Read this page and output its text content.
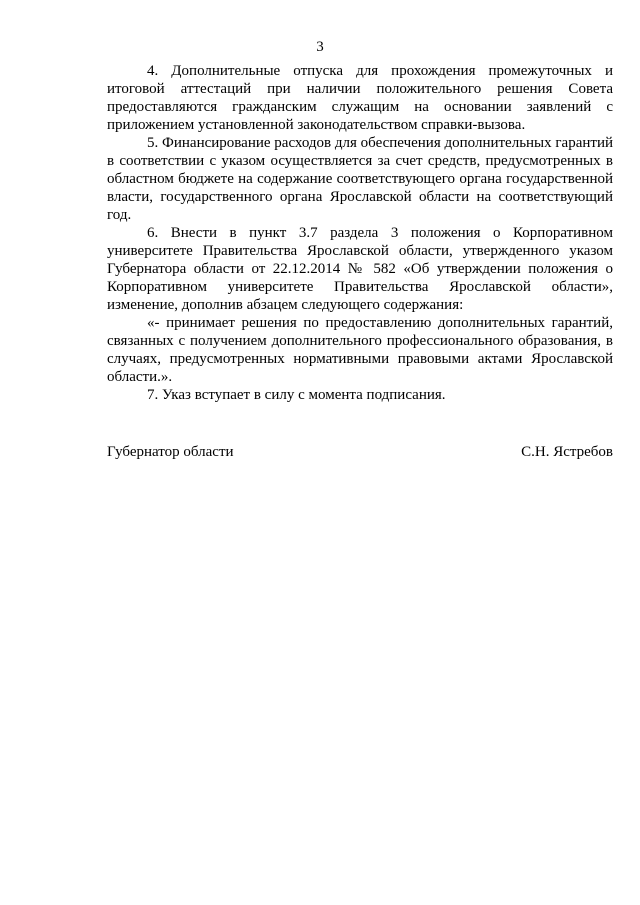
3

4. Дополнительные отпуска для прохождения промежуточных и итоговой аттестаций при наличии положительного решения Совета предоставляются гражданским служащим на основании заявлений с приложением установленной законодательством справки-вызова.

5. Финансирование расходов для обеспечения дополнительных гарантий в соответствии с указом осуществляется за счет средств, предусмотренных в областном бюджете на содержание соответствующего органа государственной власти, государственного органа Ярославской области на соответствующий год.

6. Внести в пункт 3.7 раздела 3 положения о Корпоративном университете Правительства Ярославской области, утвержденного указом Губернатора области от 22.12.2014 № 582 «Об утверждении положения о Корпоративном университете Правительства Ярославской области», изменение, дополнив абзацем следующего содержания:

«- принимает решения по предоставлению дополнительных гарантий, связанных с получением дополнительного профессионального образования, в случаях, предусмотренных нормативными правовыми актами Ярославской области.».

7. Указ вступает в силу с момента подписания.

Губернатор области	С.Н. Ястребов
